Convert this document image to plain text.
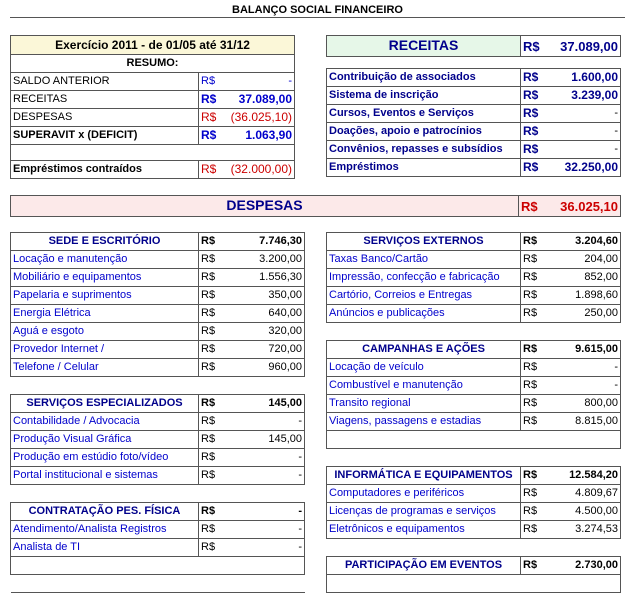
BALANÇO SOCIAL FINANCEIRO
Exercício 2011 - de 01/05 até 31/12		
RESUMO:		
SALDO ANTERIOR	R$	-
RECEITAS	R$	37.089,00
DESPESAS	R$	(36.025,10)
SUPERAVIT x (DEFICIT)	R$	1.063,90

Empréstimos contraídos	R$	(32.000,00)
RECEITAS	R$	37.089,00

Contribuição de associados	R$	1.600,00
Sistema de inscrição	R$	3.239,00
Cursos, Eventos e Serviços	R$	-
Doações, apoio e patrocínios	R$	-
Convênios, repasses e subsídios	R$	-
Empréstimos	R$	32.250,00
DESPESAS	R$	36.025,10
SEDE E ESCRITÓRIO	R$	7.746,30		SERVIÇOS EXTERNOS	R$	3.204,60
Locação e manutenção	R$	3.200,00		Taxas Banco/Cartão	R$	204,00
Mobiliário e equipamentos	R$	1.556,30		Impressão, confecção e fabricação	R$	852,00
Papelaria e suprimentos	R$	350,00		Cartório, Correios e Entregas	R$	1.898,60
Energia Elétrica	R$	640,00		Anúncios e publicações	R$	250,00
Aguá e esgoto	R$	320,00				
Provedor Internet /	R$	720,00		CAMPANHAS E AÇÕES	R$	9.615,00
Telefone / Celular	R$	960,00		Locação de veículo	R$	-
				Combustível e manutenção	R$	-
SERVIÇOS ESPECIALIZADOS	R$	145,00		Transito regional	R$	800,00
Contabilidade / Advocacia	R$	-		Viagens, passagens e estadias	R$	8.815,00
Produção Visual Gráfica	R$	145,00				
Produção em estúdio foto/vídeo	R$	-				
Portal institucional e sistemas	R$	-		INFORMÁTICA E EQUIPAMENTOS	R$	12.584,20
				Computadores e periféricos	R$	4.809,67
CONTRATAÇÃO PES. FÍSICA	R$	-		Licenças de programas e serviços	R$	4.500,00
Atendimento/Analista Registros	R$	-		Eletrônicos e equipamentos	R$	3.274,53
Analista de TI	R$	-				
				PARTICIPAÇÃO EM EVENTOS	R$	2.730,00
